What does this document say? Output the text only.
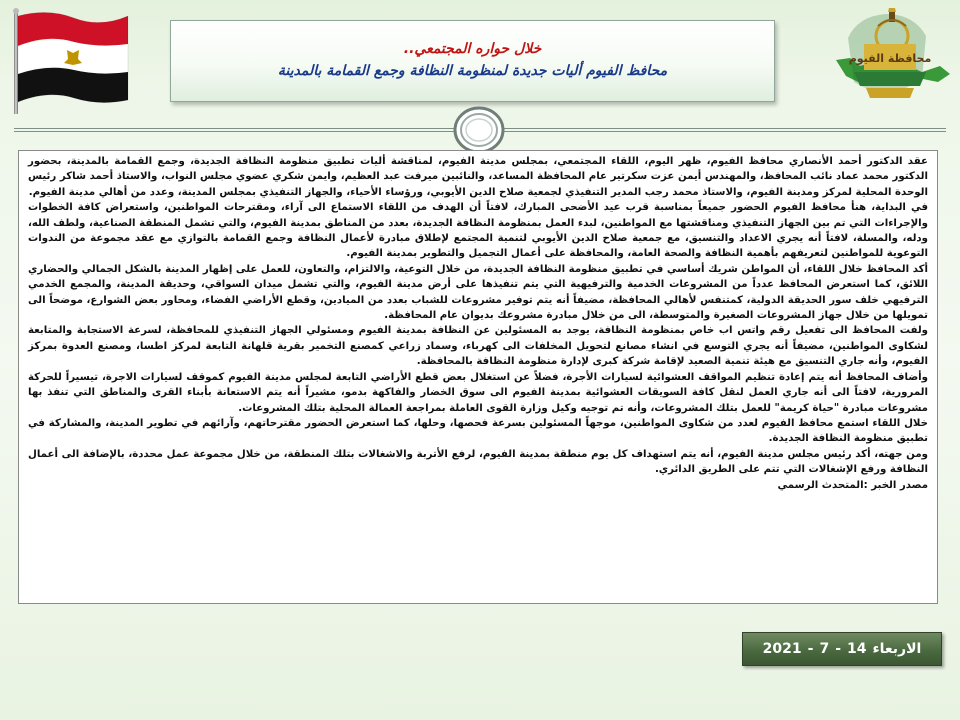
خلال حواره المجتمعي..

محافظ الفيوم أليات جديدة لمنظومة النظافة وجمع القمامة بالمدينة

محافظة الفيوم

عقد الدكتور أحمد الأنصاري محافظ الفيوم، ظهر اليوم، اللقاء المجتمعي، بمجلس مدينة الفيوم، لمناقشة أليات تطبيق منظومة النظافة الجديدة، وجمع القمامة بالمدينة، بحضور الدكتور محمد عماد نائب المحافظ، والمهندس أيمن عزت سكرتير عام المحافظة المساعد، والنائبين ميرفت عبد العظيم، وايمن شكري عضوي مجلس النواب، والاستاذ أحمد شاكر رئيس الوحدة المحلية لمركز ومدينة الفيوم، والاستاذ محمد رجب المدير التنفيذي لجمعية صلاح الدين الأيوبي، ورؤساء الأحياء، والجهاز التنفيذي بمجلس المدينة، وعدد من أهالي مدينة الفيوم.

في البداية، هنأ محافظ الفيوم الحضور جميعاً بمناسبة قرب عيد الأضحى المبارك، لافتاً أن الهدف من اللقاء الاستماع الى آراء، ومقترحات المواطنين، واستعراض كافة الخطوات والإجراءات التي تم بين الجهاز التنفيذي ومناقشتها مع المواطنين، لبدء العمل بمنظومة النظافة الجديدة، بعدد من المناطق بمدينة الفيوم، والتي تشمل المنطقة الصناعية، ولطف الله، ودله، والمسلة، لافتاً أنه يجري الاعداد والتنسيق، مع جمعية صلاح الدين الأيوبي لتنمية المجتمع لإطلاق مبادرة لأعمال النظافة وجمع القمامة بالتوازي مع عقد مجموعة من الندوات التوعوية للمواطنين لتعريفهم بأهمية النظافة والصحة العامة، والمحافظة على أعمال التجميل والتطوير بمدينة الفيوم.

أكد المحافظ خلال اللقاء، أن المواطن شريك أساسي في تطبيق منظومة النظافة الجديدة، من خلال التوعية، والالتزام، والتعاون، للعمل على إظهار المدينة بالشكل الجمالي والحضاري اللائق، كما استعرض المحافظ عدداً من المشروعات الخدمية والترفيهية التي يتم تنفيذها على أرض مدينة الفيوم، والتي تشمل ميدان السواقي، وحديقة المدينة، والمجمع الخدمي الترفيهي خلف سور الحديقة الدولية، كمتنفس لأهالي المحافظة، مضيفاً أنه يتم توفير مشروعات للشباب بعدد من الميادين، وقطع الأراضي الفضاء، ومحاور بعض الشوارع، موضحاً الى تمويلها من خلال جهاز المشروعات الصغيرة والمتوسطة، الى من خلال مبادرة مشروعك بديوان عام المحافظة.

ولفت المحافظ الى تفعيل رقم واتس اب خاص بمنظومة النظافة، يوجد به المسئولين عن النظافة بمدينة الفيوم ومسئولي الجهاز التنفيذي للمحافظة، لسرعة الاستجابة والمتابعة لشكاوى المواطنين، مضيفاً أنه يجري التوسع في انشاء مصانع لتحويل المخلفات الى كهرباء، وسماد زراعي كمصنع التخمير بقرية قلهانة التابعة لمركز اطسا، ومصنع العدوة بمركز الفيوم، وأنه جاري التنسيق مع هيئة تنمية الصعيد لإقامة شركة كبرى لإدارة منظومة النظافة بالمحافظة.

وأضاف المحافظ أنه يتم إعادة تنظيم المواقف العشوائية لسيارات الأجرة، فضلاً عن استغلال بعض قطع الأراضي التابعة لمجلس مدينة الفيوم كموقف لسيارات الاجرة، تيسيراً للحركة المرورية، لافتاً الى أنه جاري العمل لنقل كافة السويقات العشوائية بمدينة الفيوم الى سوق الخضار والفاكهة بدمو، مشيراً أنه يتم الاستعانة بأبناء القرى والمناطق التي تنفذ بها مشروعات مبادرة "حياة كريمة" للعمل بتلك المشروعات، وأنه تم توجيه وكيل وزارة القوى العاملة بمراجعة العمالة المحلية بتلك المشروعات.

خلال اللقاء استمع محافظ الفيوم لعدد من شكاوى المواطنين، موجهاً المسئولين بسرعة فحصها، وحلها، كما استعرض الحضور مقترحاتهم، وآرائهم في تطوير المدينة، والمشاركة في تطبيق منظومة النظافة الجديدة.

ومن جهته، أكد رئيس مجلس مدينة الفيوم، أنه يتم استهداف كل يوم منطقة بمدينة الفيوم، لرفع الأتربة والاشغالات بتلك المنطقة، من خلال مجموعة عمل محددة، بالإضافة الى أعمال النظافة ورفع الإشغالات التي تتم على الطريق الدائري.

مصدر الخبر :المتحدث الرسمي

الاربعاء
14
-
7
-
2021
